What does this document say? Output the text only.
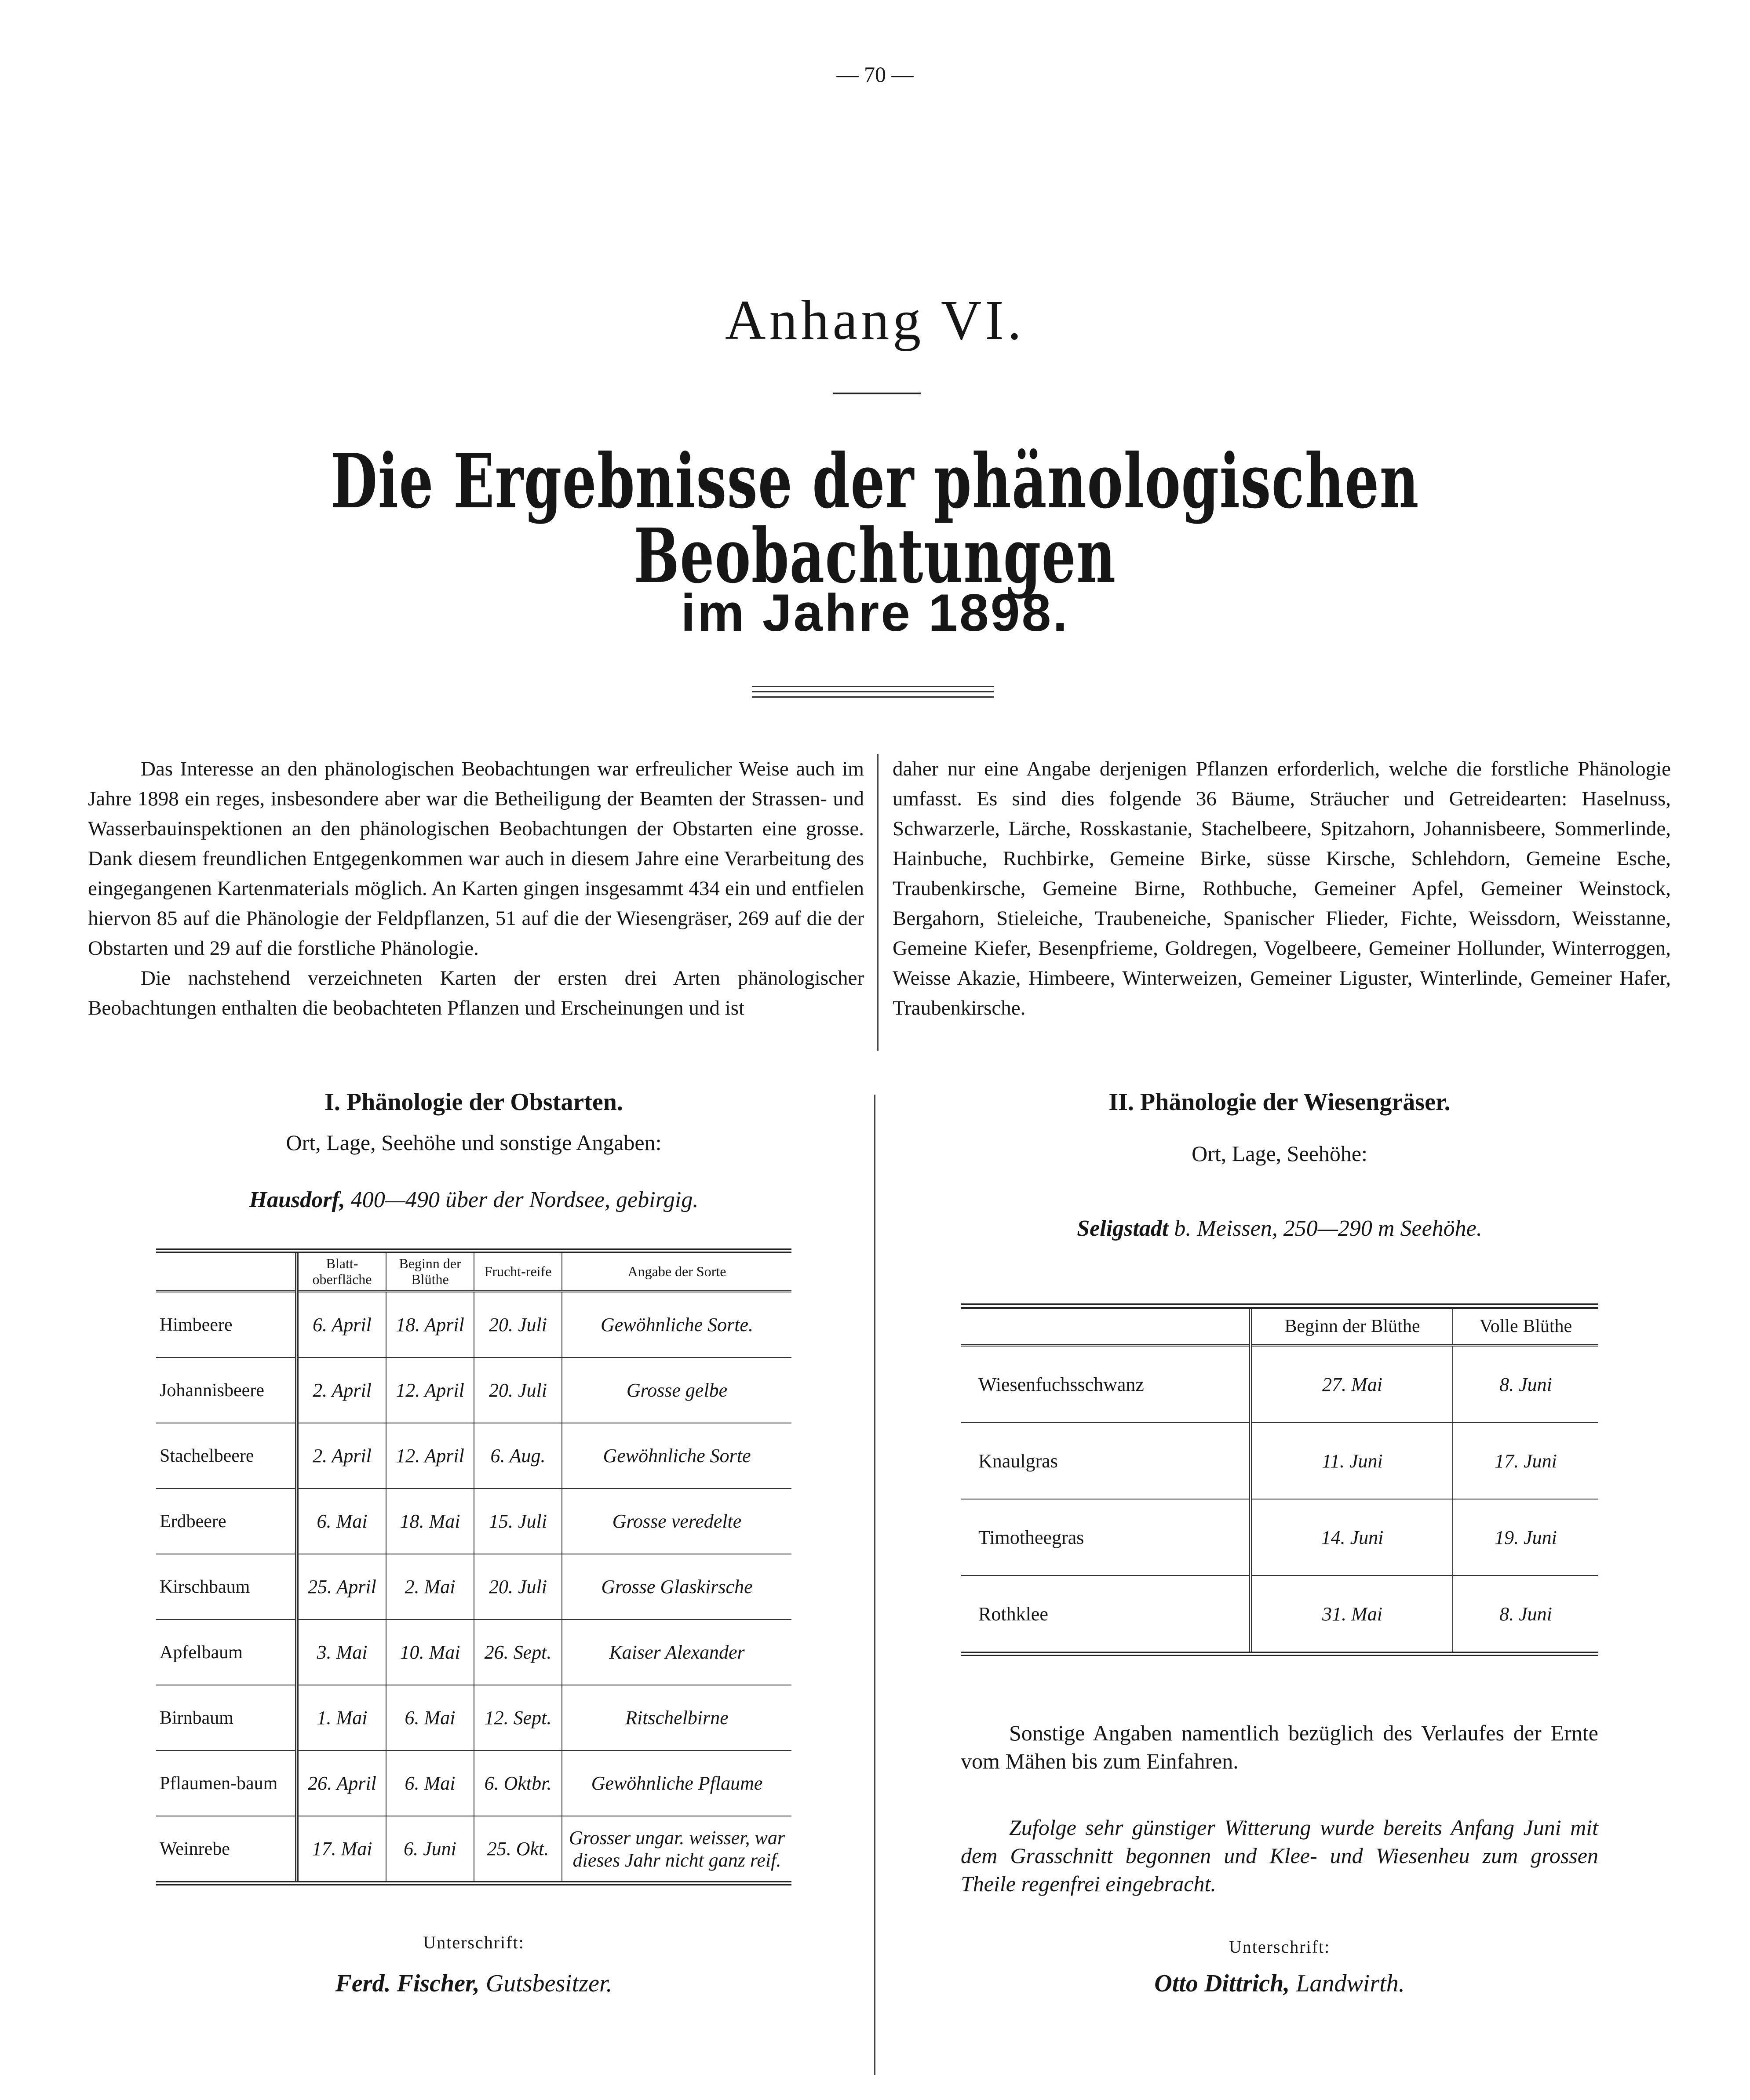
— 70 —
Anhang VI.
Die Ergebnisse der phänologischen Beobachtungen
im Jahre 1898.

Das Interesse an den phänologischen Beobachtungen war erfreulicher Weise auch im Jahre 1898 ein reges, insbesondere aber war die Betheiligung der Beamten der Strassen- und Wasserbauinspektionen an den phänologischen Beobachtungen der Obstarten eine grosse. Dank diesem freundlichen Entgegenkommen war auch in diesem Jahre eine Verarbeitung des eingegangenen Kartenmaterials möglich. An Karten gingen insgesammt 434 ein und entfielen hiervon 85 auf die Phänologie der Feldpflanzen, 51 auf die der Wiesengräser, 269 auf die der Obstarten und 29 auf die forstliche Phänologie.

Die nachstehend verzeichneten Karten der ersten drei Arten phänologischer Beobachtungen enthalten die beobachteten Pflanzen und Erscheinungen und ist

daher nur eine Angabe derjenigen Pflanzen erforderlich, welche die forstliche Phänologie umfasst. Es sind dies folgende 36 Bäume, Sträucher und Getreidearten: Haselnuss, Schwarzerle, Lärche, Rosskastanie, Stachelbeere, Spitzahorn, Johannisbeere, Sommerlinde, Hainbuche, Ruchbirke, Gemeine Birke, süsse Kirsche, Schlehdorn, Gemeine Esche, Traubenkirsche, Gemeine Birne, Rothbuche, Gemeiner Apfel, Gemeiner Weinstock, Bergahorn, Stieleiche, Traubeneiche, Spanischer Flieder, Fichte, Weissdorn, Weisstanne, Gemeine Kiefer, Besenpfrieme, Goldregen, Vogelbeere, Gemeiner Hollunder, Winterroggen, Weisse Akazie, Himbeere, Winterweizen, Gemeiner Liguster, Winterlinde, Gemeiner Hafer, Traubenkirsche.

I. Phänologie der Obstarten.
Ort, Lage, Seehöhe und sonstige Angaben:
Hausdorf, 400—490 über der Nordsee, gebirgig.
	Blatt-oberfläche	Beginn der Blüthe	Frucht-reife	Angabe der Sorte
Himbeere	6. April	18. April	20. Juli	Gewöhnliche Sorte.
Johannisbeere	2. April	12. April	20. Juli	Grosse gelbe
Stachelbeere	2. April	12. April	6. Aug.	Gewöhnliche Sorte
Erdbeere	6. Mai	18. Mai	15. Juli	Grosse veredelte
Kirschbaum	25. April	2. Mai	20. Juli	Grosse Glaskirsche
Apfelbaum	3. Mai	10. Mai	26. Sept.	Kaiser Alexander
Birnbaum	1. Mai	6. Mai	12. Sept.	Ritschelbirne
Pflaumen-baum	26. April	6. Mai	6. Oktbr.	Gewöhnliche Pflaume
Weinrebe	17. Mai	6. Juni	25. Okt.	Grosser ungar. weisser, war dieses Jahr nicht ganz reif.
Unterschrift:
Ferd. Fischer, Gutsbesitzer.
II. Phänologie der Wiesengräser.
Ort, Lage, Seehöhe:
Seligstadt b. Meissen, 250—290 m Seehöhe.
	Beginn der Blüthe	Volle Blüthe
Wiesenfuchsschwanz	27. Mai	8. Juni
Knaulgras	11. Juni	17. Juni
Timotheegras	14. Juni	19. Juni
Rothklee	31. Mai	8. Juni

Sonstige Angaben namentlich bezüglich des Verlaufes der Ernte vom Mähen bis zum Einfahren.

Zufolge sehr günstiger Witterung wurde bereits Anfang Juni mit dem Grasschnitt begonnen und Klee- und Wiesenheu zum grossen Theile regenfrei eingebracht.

Unterschrift:
Otto Dittrich, Landwirth.
